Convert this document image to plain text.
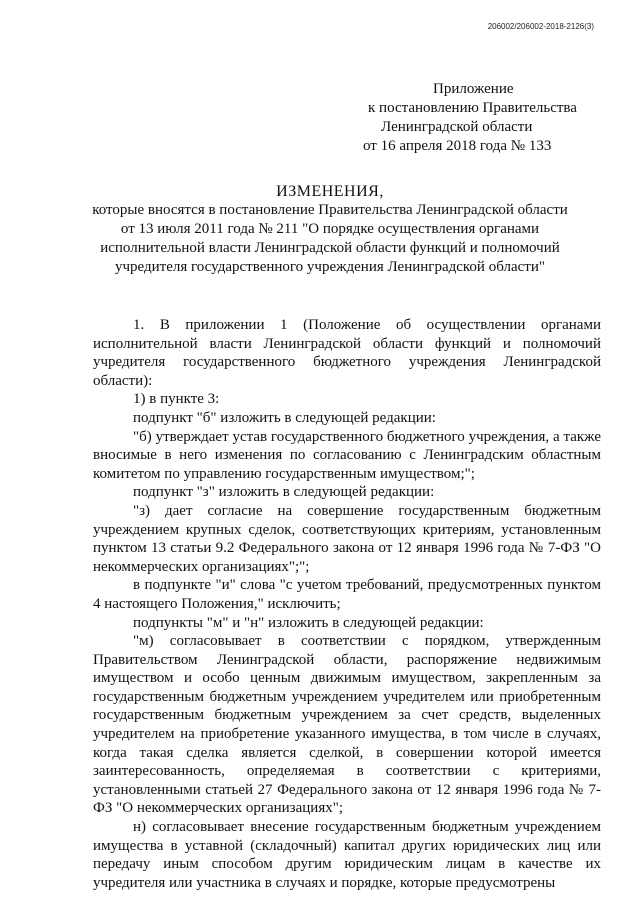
206002/206002-2018-2126(3)
Приложение
к постановлению Правительства
Ленинградской области
от 16 апреля 2018 года № 133
ИЗМЕНЕНИЯ,
которые вносятся в постановление Правительства Ленинградской области от 13 июля 2011 года № 211 "О порядке осуществления органами исполнительной власти Ленинградской области функций и полномочий учредителя государственного учреждения Ленинградской области"

1. В приложении 1 (Положение об осуществлении органами исполнительной власти Ленинградской области функций и полномочий учредителя государственного бюджетного учреждения Ленинградской области):

1) в пункте 3:

подпункт "б" изложить в следующей редакции:

"б) утверждает устав государственного бюджетного учреждения, а также вносимые в него изменения по согласованию с Ленинградским областным комитетом по управлению государственным имуществом;";

подпункт "з" изложить в следующей редакции:

"з) дает согласие на совершение государственным бюджетным учреждением крупных сделок, соответствующих критериям, установленным пунктом 13 статьи 9.2 Федерального закона от 12 января 1996 года № 7-ФЗ "О некоммерческих организациях";";

в подпункте "и" слова "с учетом требований, предусмотренных пунктом 4 настоящего Положения," исключить;

подпункты "м" и "н" изложить в следующей редакции:

"м) согласовывает в соответствии с порядком, утвержденным Правительством Ленинградской области, распоряжение недвижимым имуществом и особо ценным движимым имуществом, закрепленным за государственным бюджетным учреждением учредителем или приобретенным государственным бюджетным учреждением за счет средств, выделенных учредителем на приобретение указанного имущества, в том числе в случаях, когда такая сделка является сделкой, в совершении которой имеется заинтересованность, определяемая в соответствии с критериями, установленными статьей 27 Федерального закона от 12 января 1996 года № 7-ФЗ "О некоммерческих организациях";

н) согласовывает внесение государственным бюджетным учреждением имущества в уставной (складочный) капитал других юридических лиц или передачу иным способом другим юридическим лицам в качестве их учредителя или участника в случаях и порядке, которые предусмотрены
